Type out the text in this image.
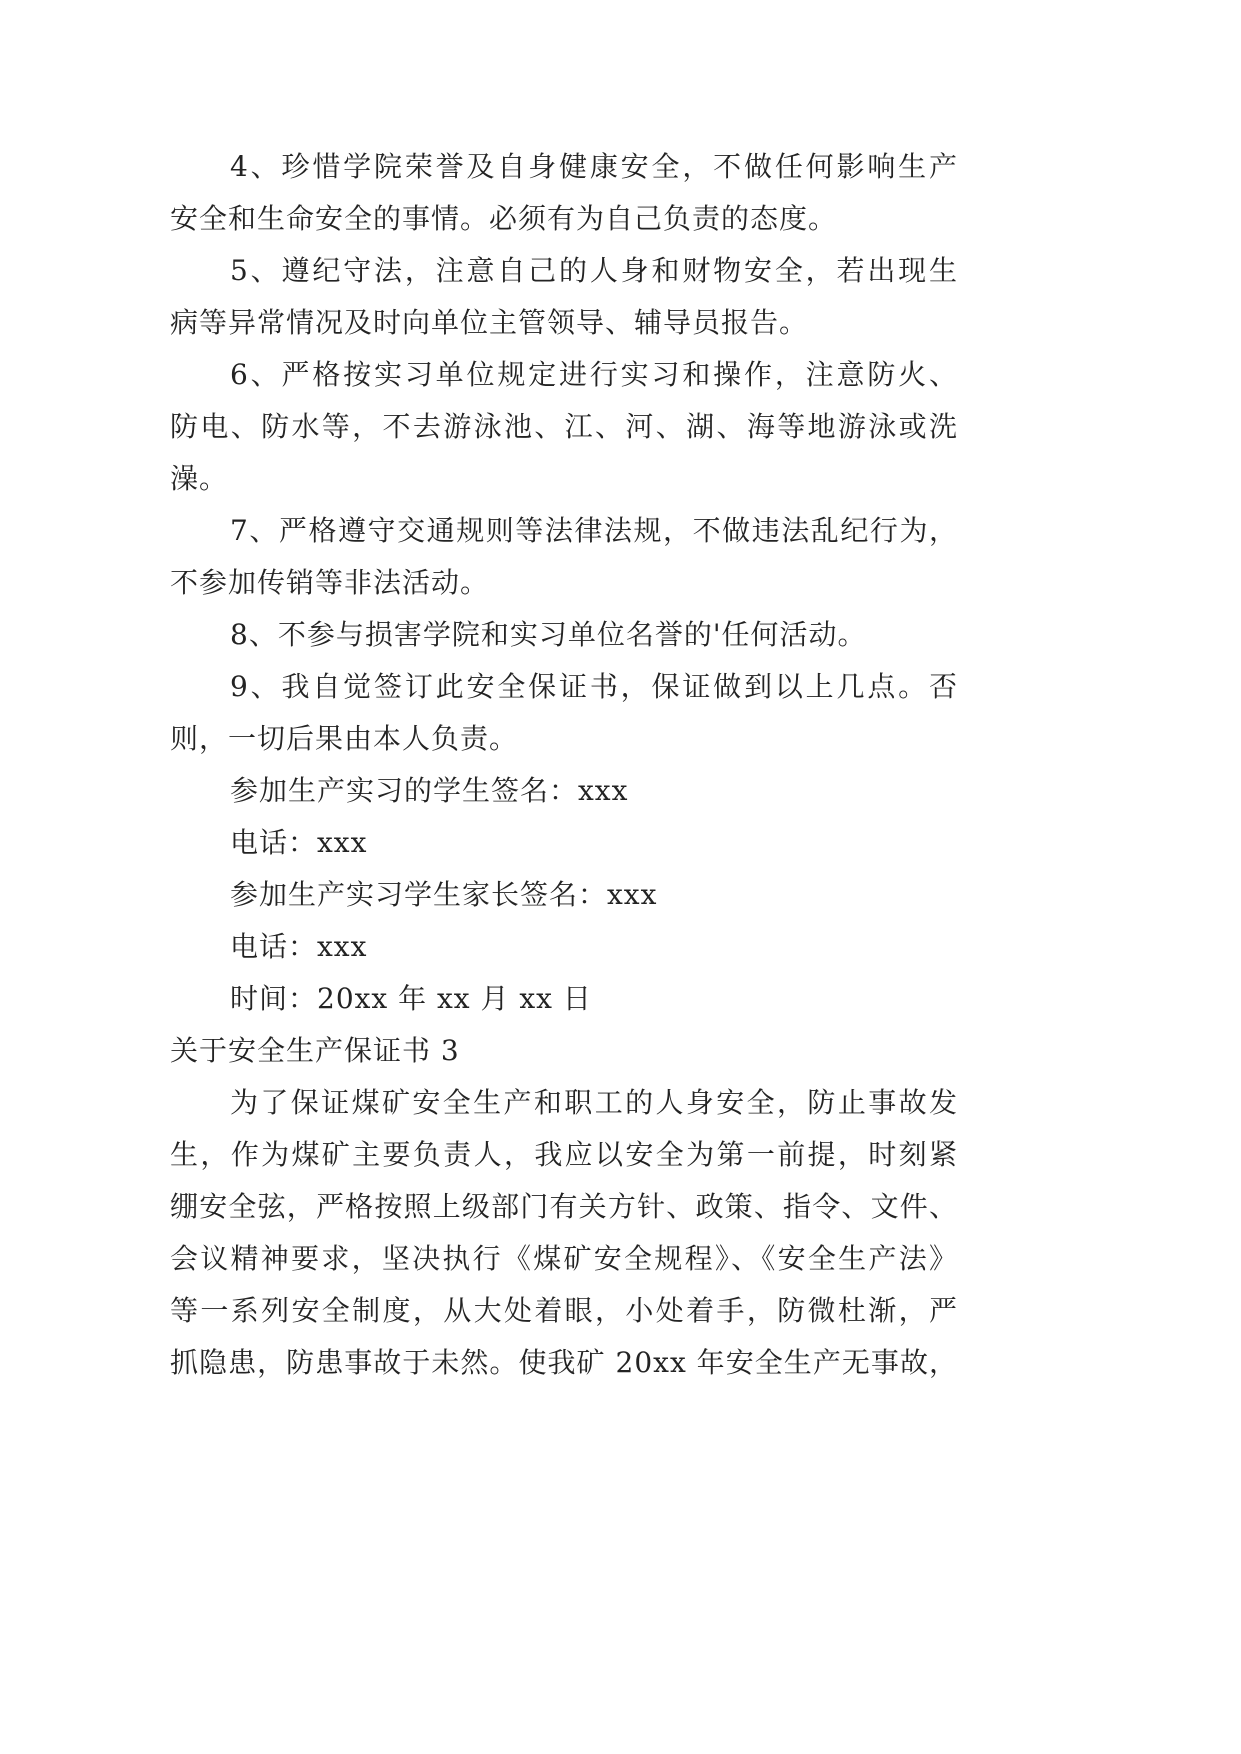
4、珍惜学院荣誉及自身健康安全，不做任何影响生产
安全和生命安全的事情。必须有为自己负责的态度。
5、遵纪守法，注意自己的人身和财物安全，若出现生
病等异常情况及时向单位主管领导、辅导员报告。
6、严格按实习单位规定进行实习和操作，注意防火、
防电、防水等，不去游泳池、江、河、湖、海等地游泳或洗
澡。
7、严格遵守交通规则等法律法规，不做违法乱纪行为，
不参加传销等非法活动。
8、不参与损害学院和实习单位名誉的'任何活动。
9、我自觉签订此安全保证书，保证做到以上几点。否
则，一切后果由本人负责。
参加生产实习的学生签名：xxx
电话：xxx
参加生产实习学生家长签名：xxx
电话：xxx
时间：20xx 年 xx 月 xx 日
关于安全生产保证书 3
为了保证煤矿安全生产和职工的人身安全，防止事故发
生，作为煤矿主要负责人，我应以安全为第一前提，时刻紧
绷安全弦，严格按照上级部门有关方针、政策、指令、文件、
会议精神要求，坚决执行《煤矿安全规程》、《安全生产法》
等一系列安全制度，从大处着眼，小处着手，防微杜渐，严
抓隐患，防患事故于未然。使我矿 20xx 年安全生产无事故，
